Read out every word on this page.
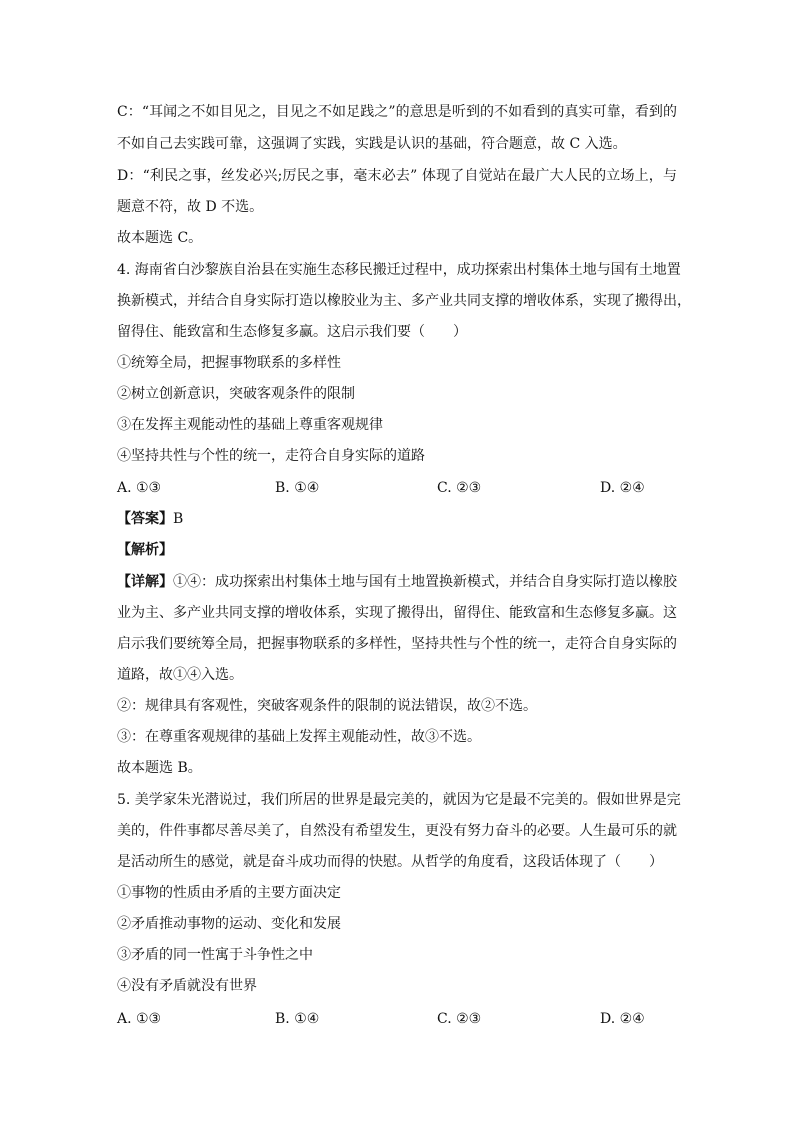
C：“耳闻之不如目见之，目见之不如足践之”的意思是听到的不如看到的真实可靠，看到的
不如自己去实践可靠，这强调了实践，实践是认识的基础，符合题意，故 C 入选。
D：“利民之事，丝发必兴;厉民之事，毫末必去” 体现了自觉站在最广大人民的立场上，与
题意不符，故 D 不选。
故本题选 C。
4. 海南省白沙黎族自治县在实施生态移民搬迁过程中，成功探索出村集体土地与国有土地置
换新模式，并结合自身实际打造以橡胶业为主、多产业共同支撑的增收体系，实现了搬得出，
留得住、能致富和生态修复多赢。这启示我们要（　　）
①统筹全局，把握事物联系的多样性
②树立创新意识，突破客观条件的限制
③在发挥主观能动性的基础上尊重客观规律
④坚持共性与个性的统一，走符合自身实际的道路
A. ①③	B. ①④	C. ②③	D. ②④
【答案】B
【解析】
【详解】①④：成功探索出村集体土地与国有土地置换新模式，并结合自身实际打造以橡胶
业为主、多产业共同支撑的增收体系，实现了搬得出，留得住、能致富和生态修复多赢。这
启示我们要统筹全局，把握事物联系的多样性，坚持共性与个性的统一，走符合自身实际的
道路，故①④入选。
②：规律具有客观性，突破客观条件的限制的说法错误，故②不选。
③：在尊重客观规律的基础上发挥主观能动性，故③不选。
故本题选 B。
5. 美学家朱光潜说过，我们所居的世界是最完美的，就因为它是最不完美的。假如世界是完
美的，件件事都尽善尽美了，自然没有希望发生，更没有努力奋斗的必要。人生最可乐的就
是活动所生的感觉，就是奋斗成功而得的快慰。从哲学的角度看，这段话体现了（　　）
①事物的性质由矛盾的主要方面决定
②矛盾推动事物的运动、变化和发展
③矛盾的同一性寓于斗争性之中
④没有矛盾就没有世界
A. ①③	B. ①④	C. ②③	D. ②④
